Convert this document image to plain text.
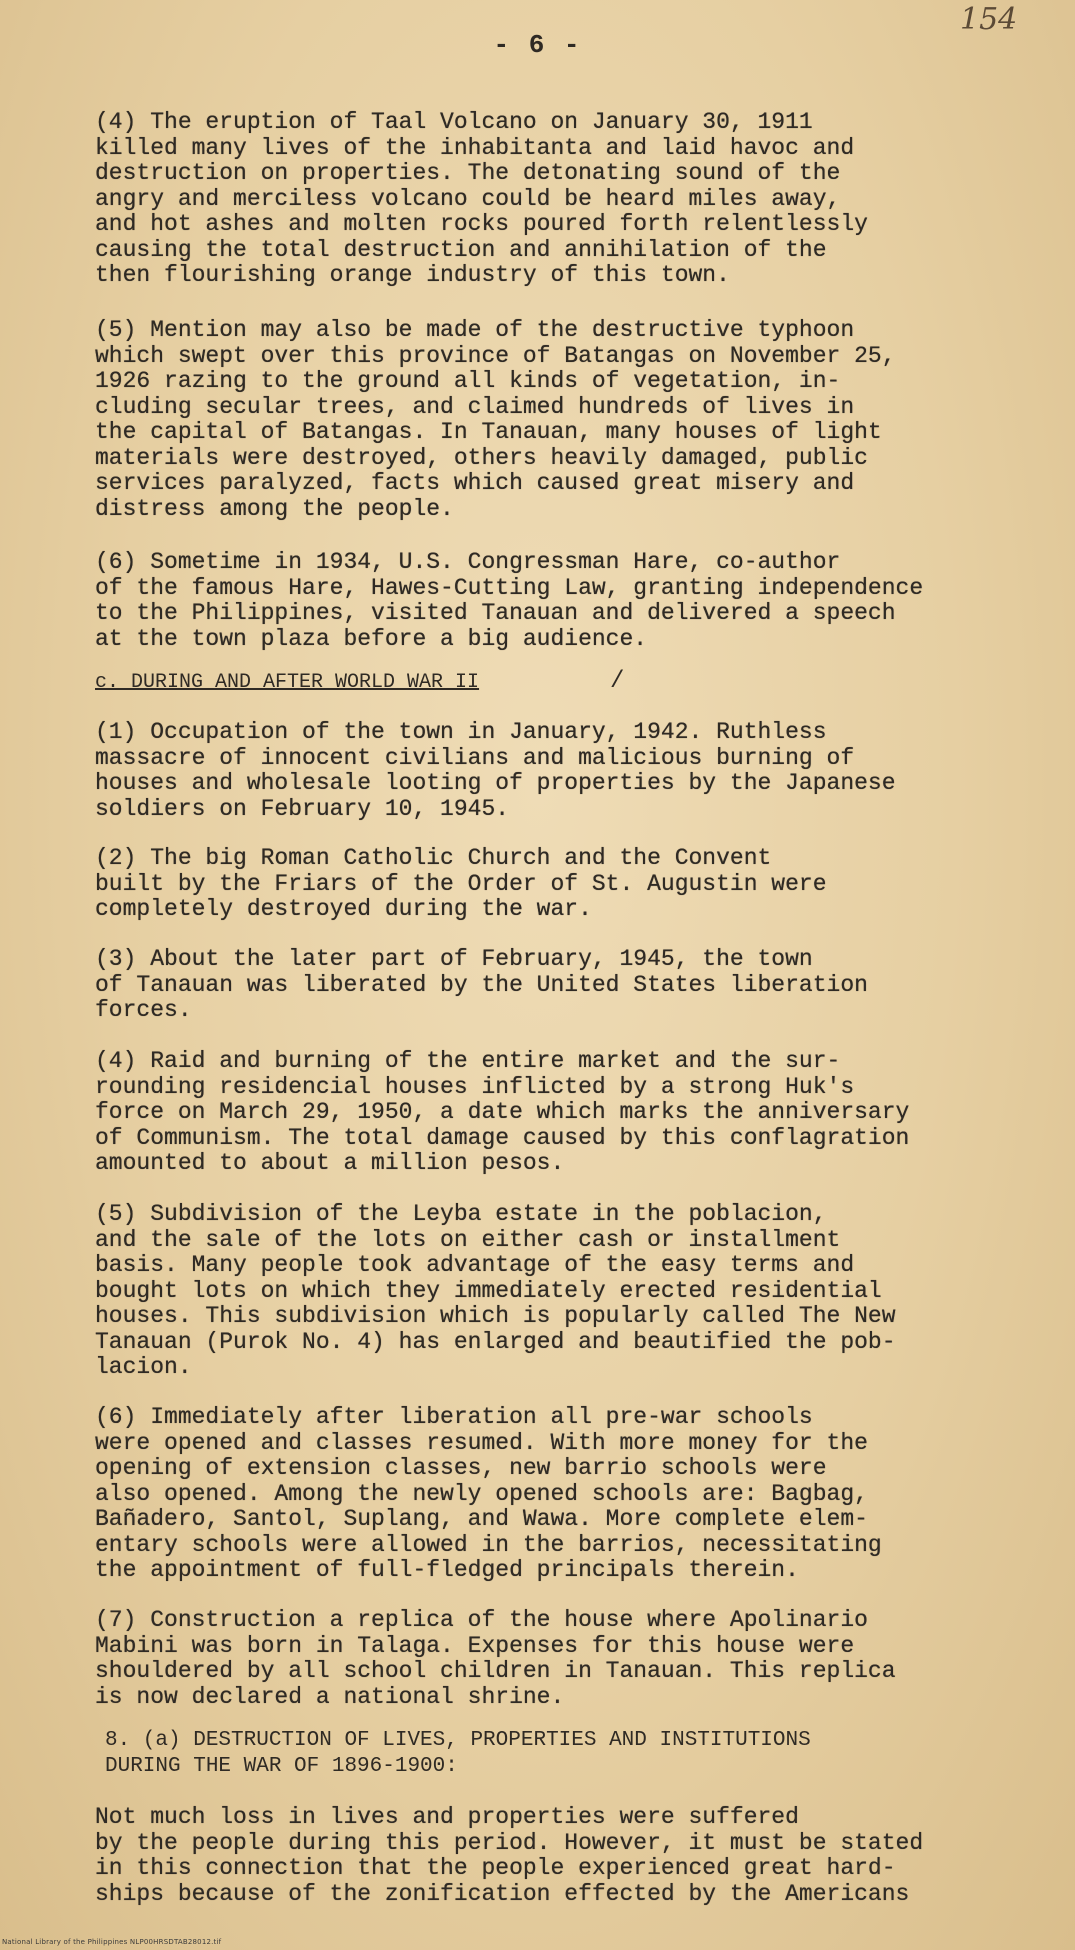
- 6 -
154
(4) The eruption of Taal Volcano on January 30, 1911
killed many lives of the inhabitanta and laid havoc and
destruction on properties. The detonating sound of the
angry and merciless volcano could be heard miles away,
and hot ashes and molten rocks poured forth relentlessly
causing the total destruction and annihilation of the
then flourishing orange industry of this town.
(5) Mention may also be made of the destructive typhoon
which swept over this province of Batangas on November 25,
1926 razing to the ground all kinds of vegetation, in-
cluding secular trees, and claimed hundreds of lives in
the capital of Batangas. In Tanauan, many houses of light
materials were destroyed, others heavily damaged, public
services paralyzed, facts which caused great misery and
distress among the people.
(6) Sometime in 1934, U.S. Congressman Hare, co-author
of the famous Hare, Hawes-Cutting Law, granting independence
to the Philippines, visited Tanauan and delivered a speech
at the town plaza before a big audience.
c. DURING AND AFTER WORLD WAR II	/
(1) Occupation of the town in January, 1942. Ruthless
massacre of innocent civilians and malicious burning of
houses and wholesale looting of properties by the Japanese
soldiers on February 10, 1945.
(2) The big Roman Catholic Church and the Convent
built by the Friars of the Order of St. Augustin were
completely destroyed during the war.
(3) About the later part of February, 1945, the town
of Tanauan was liberated by the United States liberation
forces.
(4) Raid and burning of the entire market and the sur-
rounding residencial houses inflicted by a strong Huk's
force on March 29, 1950, a date which marks the anniversary
of Communism. The total damage caused by this conflagration
amounted to about a million pesos.
(5) Subdivision of the Leyba estate in the poblacion,
and the sale of the lots on either cash or installment
basis. Many people took advantage of the easy terms and
bought lots on which they immediately erected residential
houses. This subdivision which is popularly called The New
Tanauan (Purok No. 4) has enlarged and beautified the pob-
lacion.
(6) Immediately after liberation all pre-war schools
were opened and classes resumed. With more money for the
opening of extension classes, new barrio schools were
also opened. Among the newly opened schools are: Bagbag,
Bañadero, Santol, Suplang, and Wawa. More complete elem-
entary schools were allowed in the barrios, necessitating
the appointment of full-fledged principals therein.
(7) Construction a replica of the house where Apolinario
Mabini was born in Talaga. Expenses for this house were
shouldered by all school children in Tanauan. This replica
is now declared a national shrine.
8. (a) DESTRUCTION OF LIVES, PROPERTIES AND INSTITUTIONS
DURING THE WAR OF 1896-1900:
Not much loss in lives and properties were suffered
by the people during this period. However, it must be stated
in this connection that the people experienced great hard-
ships because of the zonification effected by the Americans
National Library of the Philippines NLP00HRSDTAB28012.tif
